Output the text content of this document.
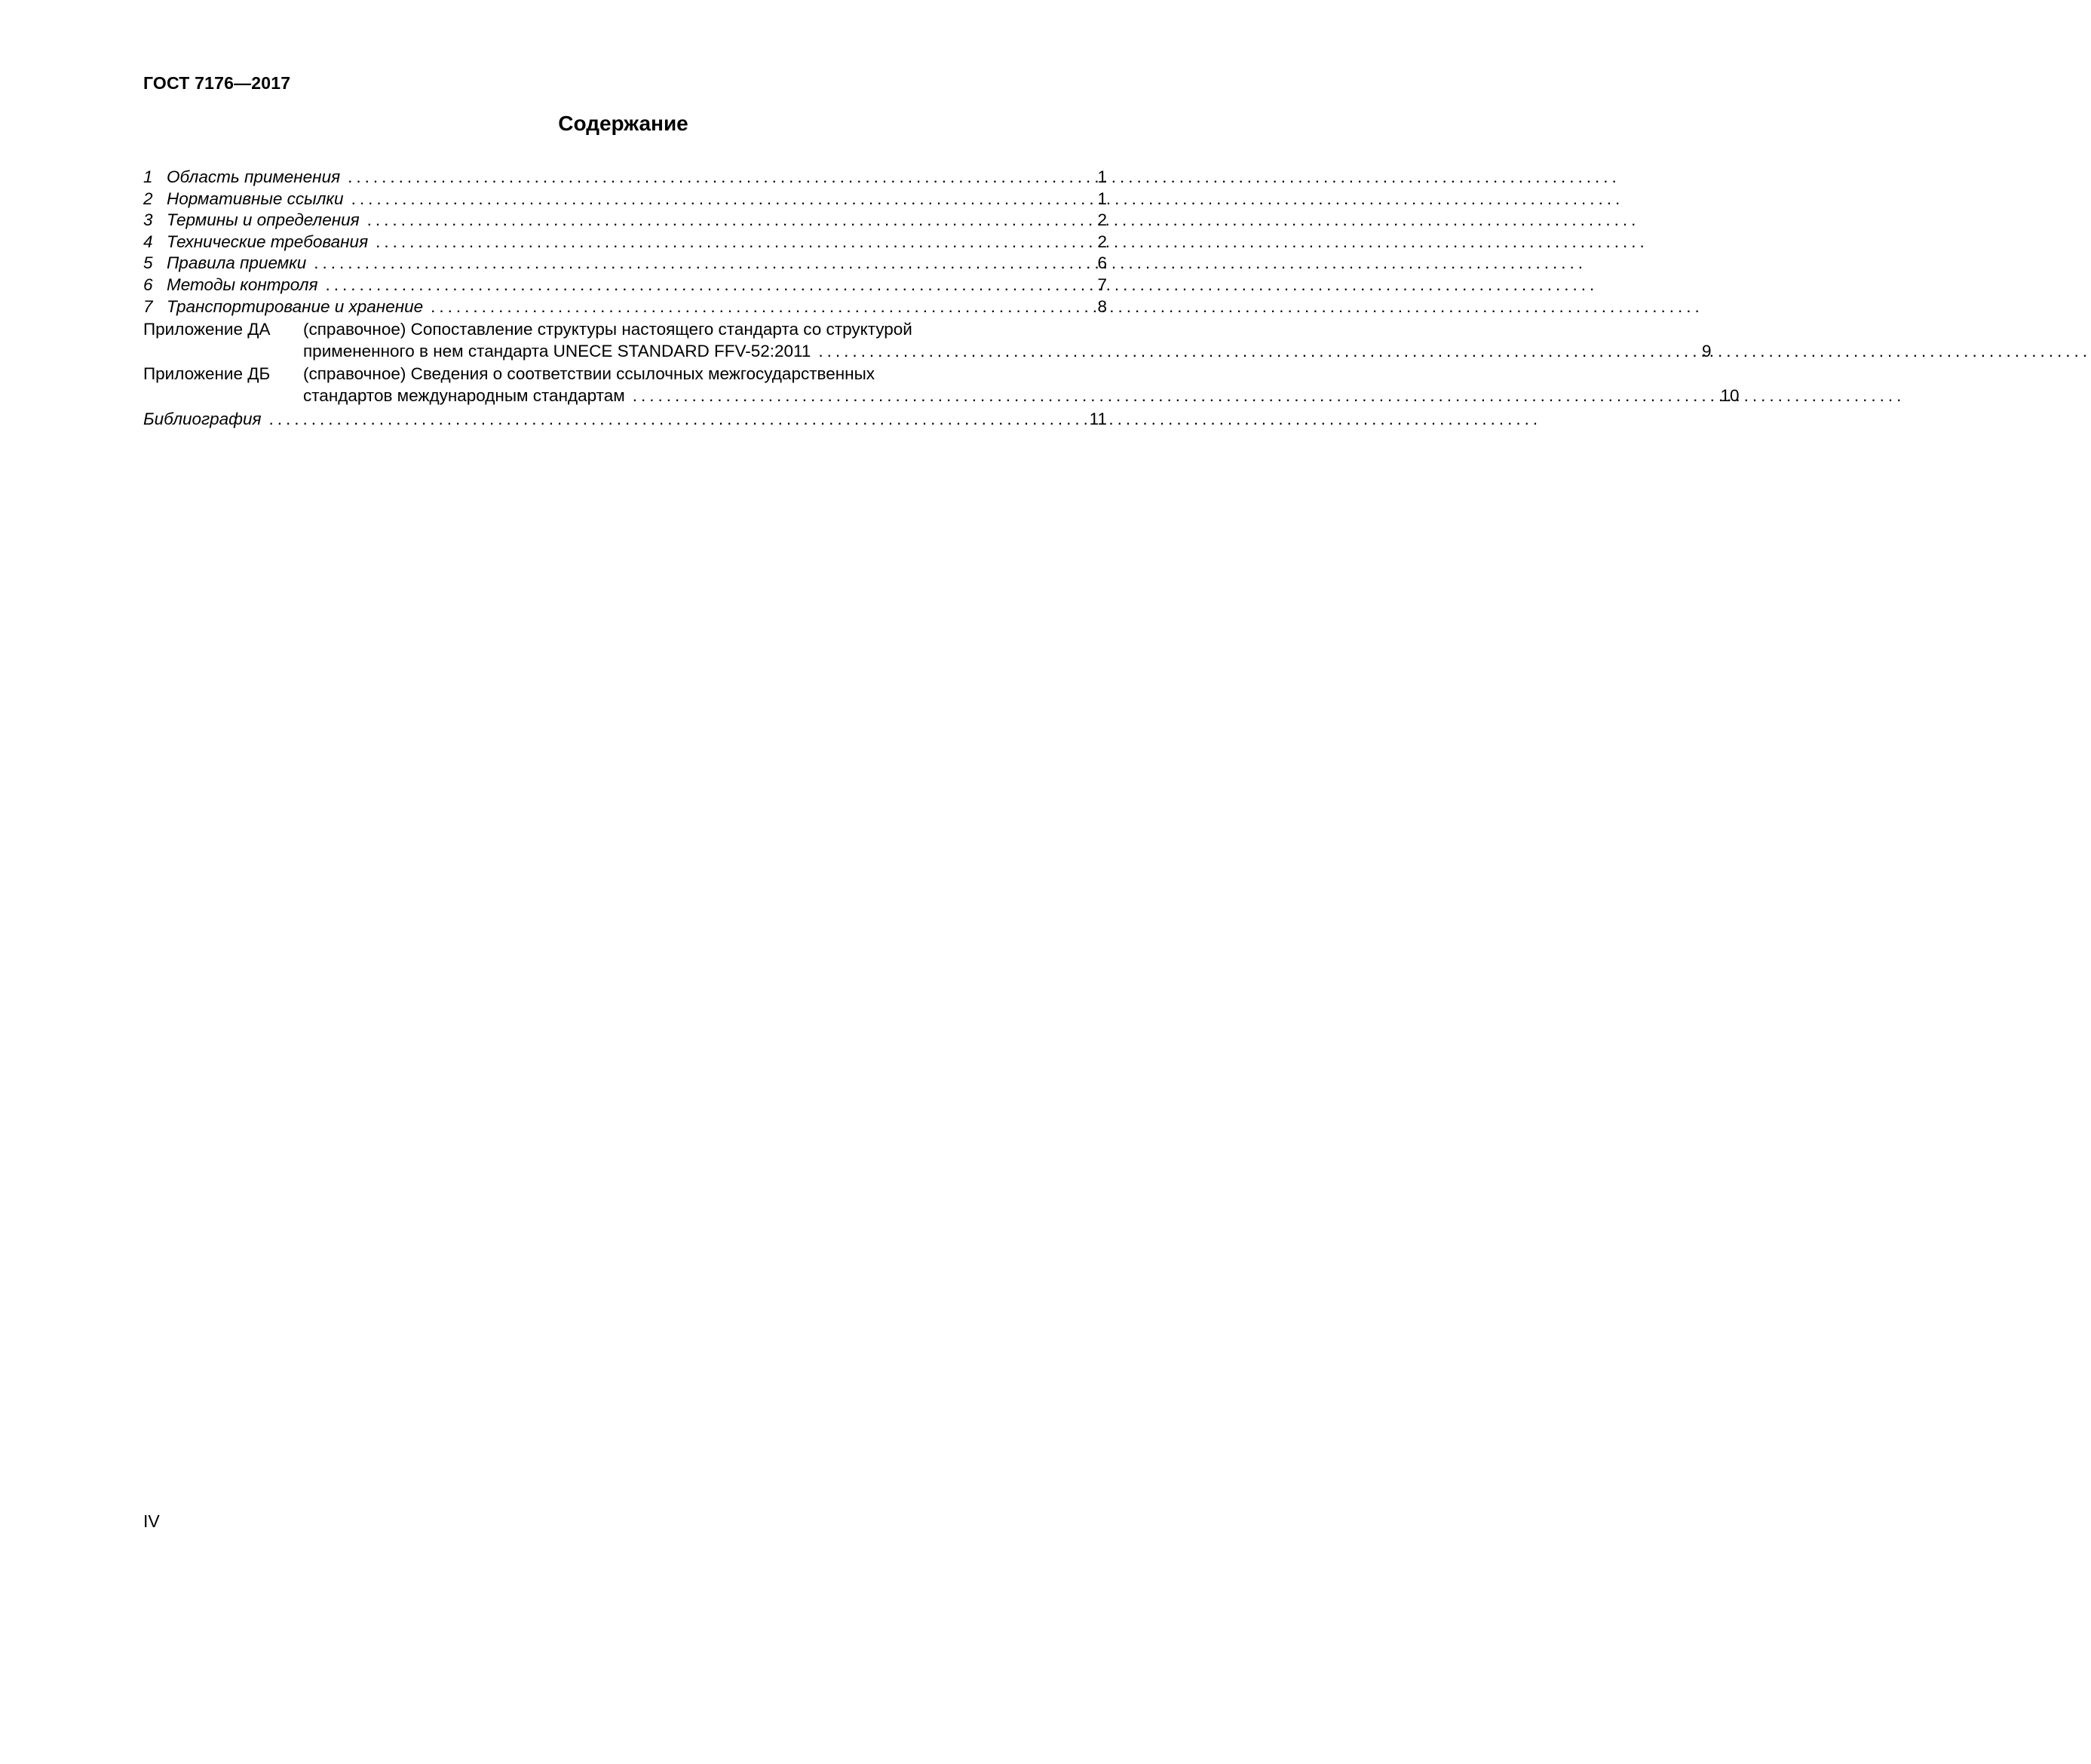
ГОСТ 7176—2017
Содержание
1 Область применения .....	1
2 Нормативные ссылки .....	1
3 Термины и определения .....	2
4 Технические требования .....	2
5 Правила приемки .....	6
6 Методы контроля .....	7
7 Транспортирование и хранение .....	8
Приложение ДА	(справочное) Сопоставление структуры настоящего стандарта со структурой
примененного в нем стандарта UNECE STANDARD FFV-52:2011 .....	9
Приложение ДБ	(справочное) Сведения о соответствии ссылочных межгосударственных
стандартов международным стандартам .....	10
Библиография .....	11
IV
